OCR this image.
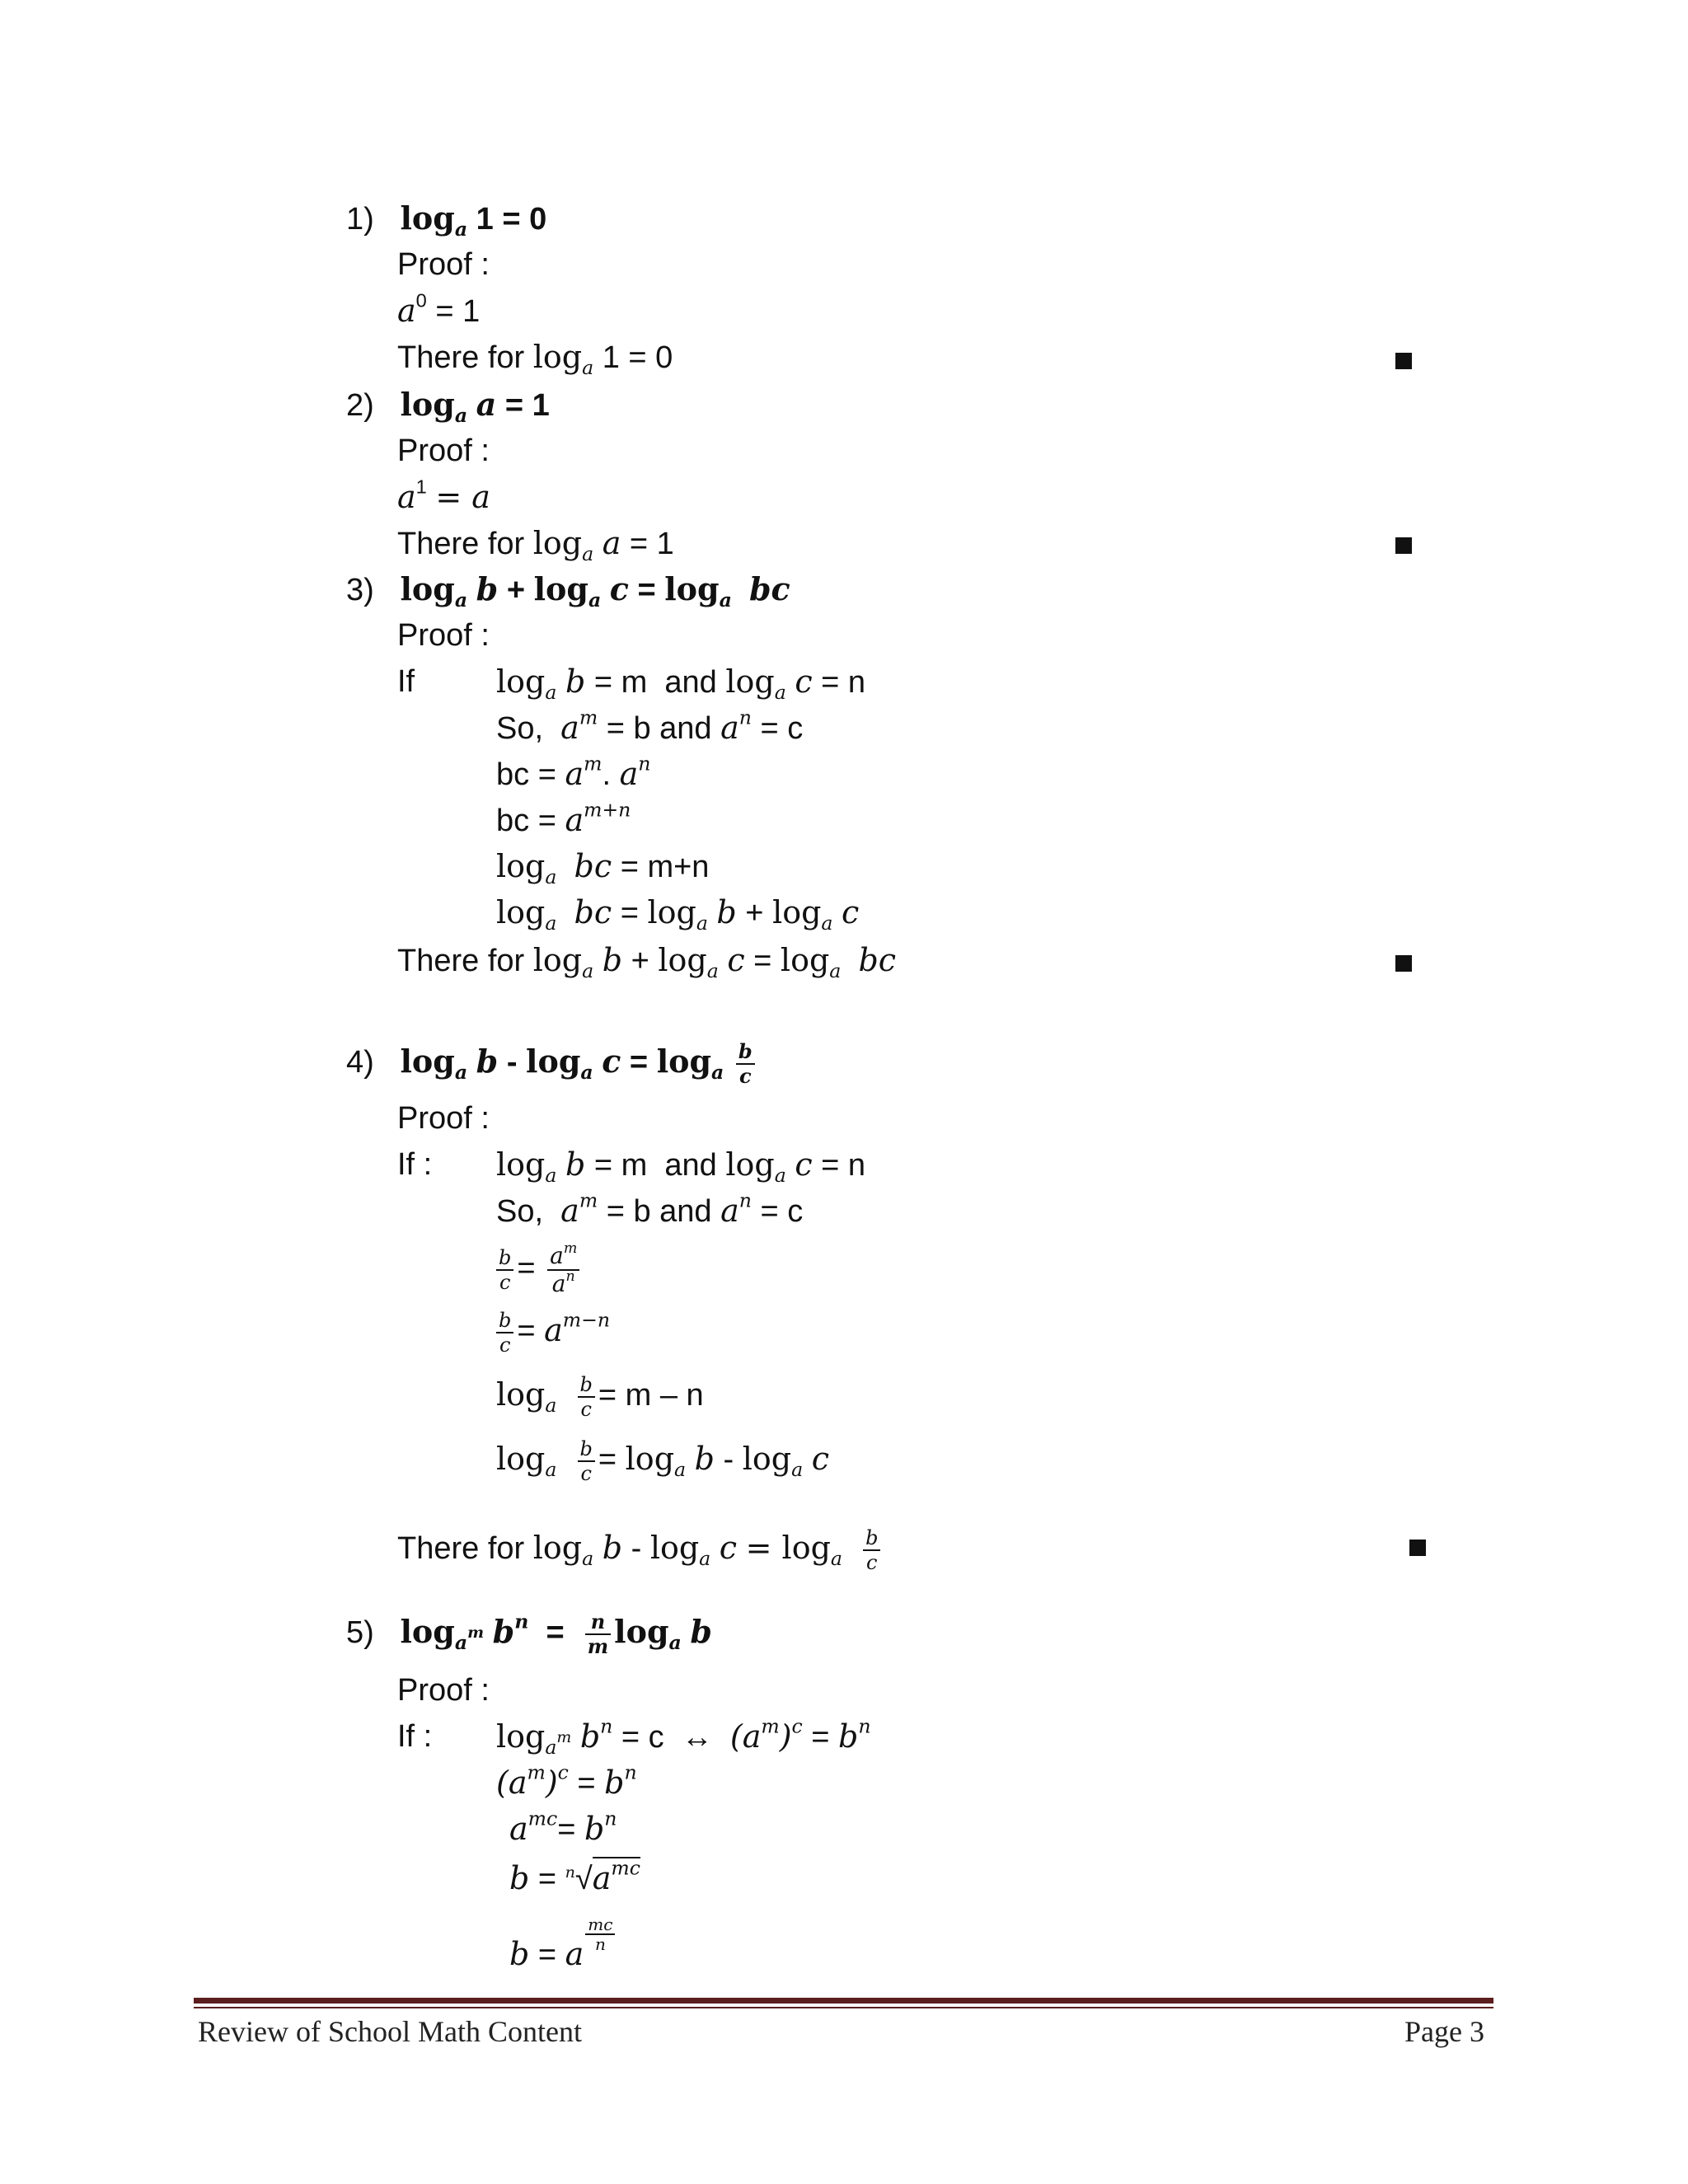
1) $\log_a 1 = 0$
Proof :
$a^0 = 1$
There for $\log_a 1 = 0$
2) $\log_a a = 1$
Proof :
$a^1 = a$
There for $\log_a a = 1$
3) $\log_a b + \log_a c = \log_a$ bc
Proof :
If	$\log_a b = m$  and $\log_a c = n$
So,  $a^m = b$ and $a^n = c$
bc = $a^m$. $a^n$
bc = $a^{m+n}$
$\log_a$ bc = m+n
$\log_a$ bc = $\log_a b + \log_a c$
There for $\log_a b + \log_a c = \log_a$ bc
4) $\log_a b - \log_a c = \log_a \frac{b}{c}$
Proof :
If : $\log_a b = m$  and $\log_a c = n$
So,  $a^m = b$ and $a^n = c$
$\frac{b}{c} = \frac{a^m}{a^n}$
$\frac{b}{c} = a^{m-n}$
$\log_a \frac{b}{c} = m - n$
$\log_a \frac{b}{c} = \log_a b - \log_a c$
There for $\log_a b - \log_a c = \log_a \frac{b}{c}$
5) $\log_{a^m} b^n = \frac{n}{m} \log_a b$
Proof :
If : $\log_{a^m} b^n = c$  ↔  $(a^m)^c = b^n$
$(a^m)^c = b^n$
$a^{mc}= b^n$
$b = ^n√a^{mc}$
b = a
$\frac{mc}{n}$
Review of School Math Content	Page 3
